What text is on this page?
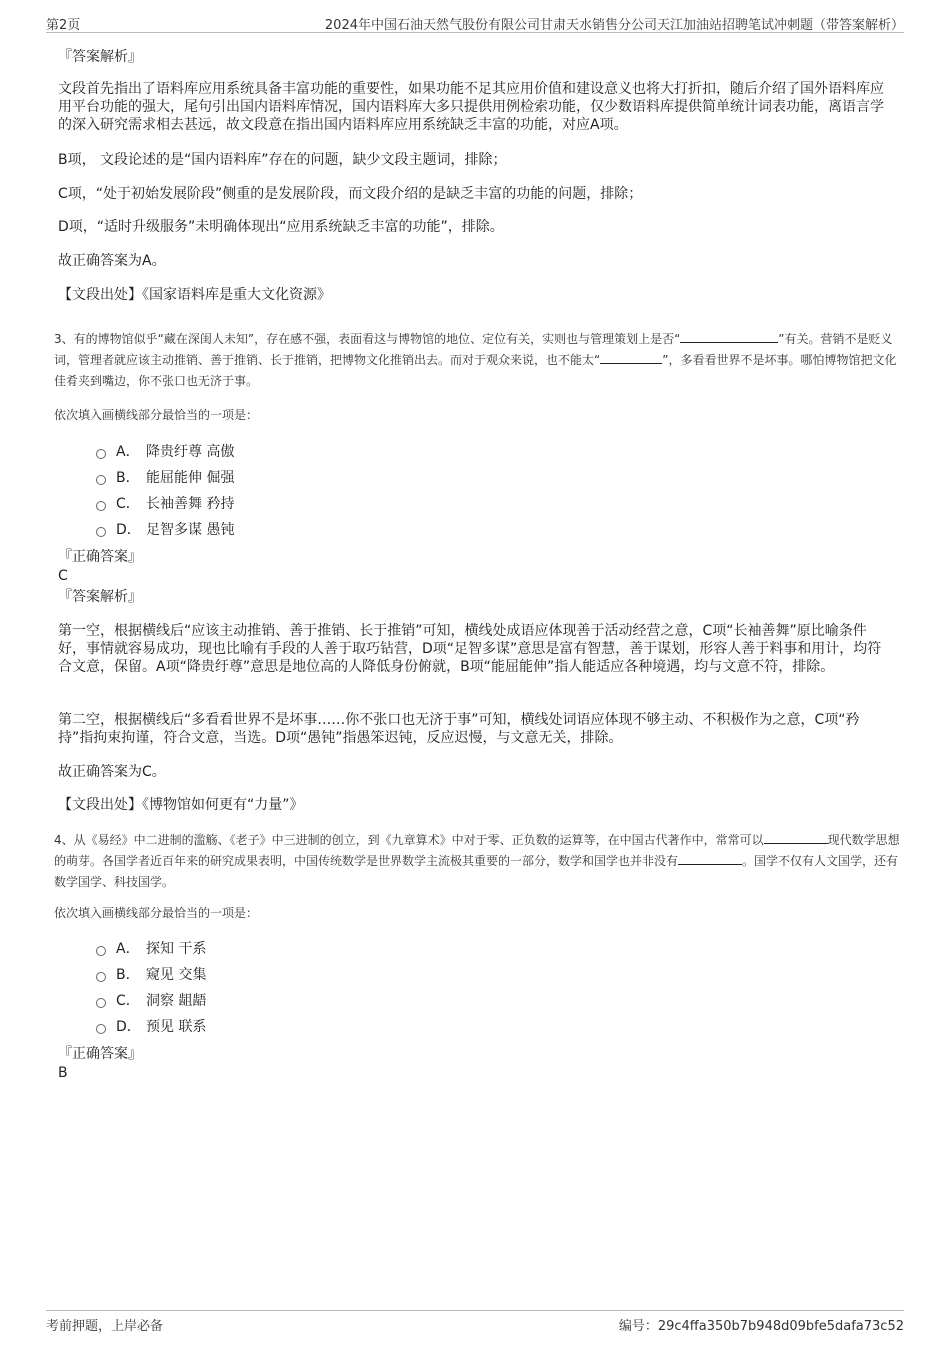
第2页	2024年中国石油天然气股份有限公司甘肃天水销售分公司天江加油站招聘笔试冲刺题（带答案解析）
『答案解析』

文段首先指出了语料库应用系统具备丰富功能的重要性，如果功能不足其应用价值和建设意义也将大打折扣，随后介绍了国外语料库应用平台功能的强大，尾句引出国内语料库情况，国内语料库大多只提供用例检索功能，仅少数语料库提供简单统计词表功能，离语言学的深入研究需求相去甚远，故文段意在指出国内语料库应用系统缺乏丰富的功能，对应A项。

B项， 文段论述的是“国内语料库”存在的问题，缺少文段主题词，排除；
C项，“处于初始发展阶段”侧重的是发展阶段，而文段介绍的是缺乏丰富的功能的问题，排除；
D项，“适时升级服务”未明确体现出“应用系统缺乏丰富的功能”，排除。
故正确答案为A。
【文段出处】《国家语料库是重大文化资源》
3、有的博物馆似乎“藏在深闺人未知”，存在感不强，表面看这与博物馆的地位、定位有关，实则也与管理策划上是否“	”有关。营销不是贬义词，管理者就应该主动推销、善于推销、长于推销，把博物文化推销出去。而对于观众来说，也不能太“	”，多看看世界不是坏事。哪怕博物馆把文化佳肴夹到嘴边，你不张口也无济于事。
依次填入画横线部分最恰当的一项是：
A． 降贵纡尊 高傲
B． 能屈能伸 倔强
C． 长袖善舞 矜持
D． 足智多谋 愚钝
『正确答案』
C
『答案解析』

第一空，根据横线后“应该主动推销、善于推销、长于推销”可知，横线处成语应体现善于活动经营之意，C项“长袖善舞”原比喻条件好，事情就容易成功，现也比喻有手段的人善于取巧钻营，D项“足智多谋”意思是富有智慧，善于谋划，形容人善于料事和用计，均符合文意，保留。A项“降贵纡尊”意思是地位高的人降低身份俯就，B项“能屈能伸”指人能适应各种境遇，均与文意不符，排除。

第二空，根据横线后“多看看世界不是坏事……你不张口也无济于事”可知，横线处词语应体现不够主动、不积极作为之意，C项“矜持”指拘束拘谨，符合文意，当选。D项“愚钝”指愚笨迟钝，反应迟慢，与文意无关，排除。

故正确答案为C。
【文段出处】《博物馆如何更有“力量”》
4、从《易经》中二进制的滥觞、《老子》中三进制的创立，到《九章算术》中对于零、正负数的运算等，在中国古代著作中，常常可以	现代数学思想的萌芽。各国学者近百年来的研究成果表明，中国传统数学是世界数学主流极其重要的一部分，数学和国学也并非没有	。国学不仅有人文国学，还有数学国学、科技国学。
依次填入画横线部分最恰当的一项是：
A． 探知 干系
B． 窥见 交集
C． 洞察 龃龉
D． 预见 联系
『正确答案』
B
考前押题，上岸必备	编号：29c4ffa350b7b948d09bfe5dafa73c52
